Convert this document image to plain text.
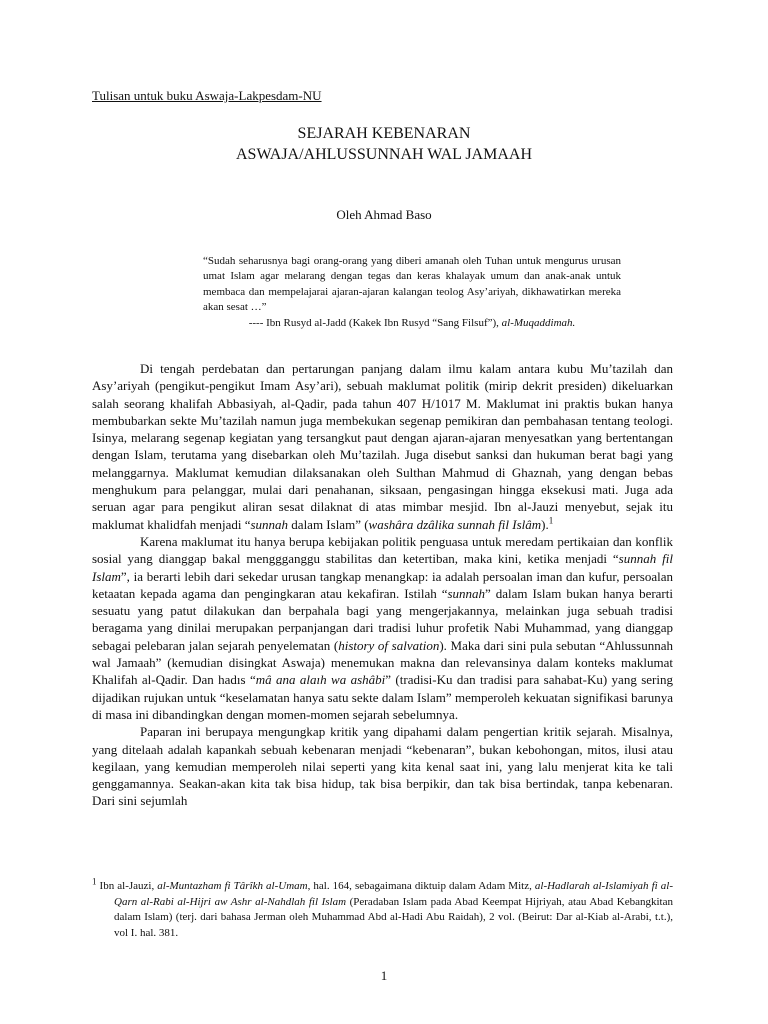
Tulisan untuk buku Aswaja-Lakpesdam-NU
SEJARAH KEBENARAN
ASWAJA/AHLUSSUNNAH WAL JAMAAH
Oleh Ahmad Baso
“Sudah seharusnya bagi orang-orang yang diberi amanah oleh Tuhan untuk mengurus urusan umat Islam agar melarang dengan tegas dan keras khalayak umum dan anak-anak untuk membaca dan mempelajarai ajaran-ajaran kalangan teolog Asy’ariyah, dikhawatirkan mereka akan sesat …”
---- Ibn Rusyd al-Jadd (Kakek Ibn Rusyd “Sang Filsuf”), al-Muqaddimah.

Di tengah perdebatan dan pertarungan panjang dalam ilmu kalam antara kubu Mu’tazilah dan Asy’ariyah (pengikut-pengikut Imam Asy’ari), sebuah maklumat politik (mirip dekrit presiden) dikeluarkan salah seorang khalifah Abbasiyah, al-Qadir, pada tahun 407 H/1017 M. Maklumat ini praktis bukan hanya membubarkan sekte Mu’tazilah namun juga membekukan segenap pemikiran dan pembahasan tentang teologi. Isinya, melarang segenap kegiatan yang tersangkut paut dengan ajaran-ajaran menyesatkan yang bertentangan dengan Islam, terutama yang disebarkan oleh Mu’tazilah. Juga disebut sanksi dan hukuman berat bagi yang melanggarnya. Maklumat kemudian dilaksanakan oleh Sulthan Mahmud di Ghaznah, yang dengan bebas menghukum para pelanggar, mulai dari penahanan, siksaan, pengasingan hingga eksekusi mati. Juga ada seruan agar para pengikut aliran sesat dilaknat di atas mimbar mesjid. Ibn al-Jauzi menyebut, sejak itu maklumat khalidfah menjadi “sunnah dalam Islam” (washâra dzâlika sunnah fil Islâm).$^1$

Karena maklumat itu hanya berupa kebijakan politik penguasa untuk meredam pertikaian dan konflik sosial yang dianggap bakal menggganggu stabilitas dan ketertiban, maka kini, ketika menjadi “sunnah fil Islam”, ia berarti lebih dari sekedar urusan tangkap menangkap: ia adalah persoalan iman dan kufur, persoalan ketaatan kepada agama dan pengingkaran atau kekafiran. Istilah “sunnah” dalam Islam bukan hanya berarti sesuatu yang patut dilakukan dan berpahala bagi yang mengerjakannya, melainkan juga sebuah tradisi beragama yang dinilai merupakan perpanjangan dari tradisi luhur profetik Nabi Muhammad, yang dianggap sebagai pelebaran jalan sejarah penyelematan (history of salvation). Maka dari sini pula sebutan “Ahlussunnah wal Jamaah” (kemudian disingkat Aswaja) menemukan makna dan relevansinya dalam konteks maklumat Khalifah al-Qadir. Dan hadıs “mâ ana alaıh wa ashâbi” (tradisi-Ku dan tradisi para sahabat-Ku) yang sering dijadikan rujukan untuk “keselamatan hanya satu sekte dalam Islam” memperoleh kekuatan signifikasi barunya di masa ini dibandingkan dengan momen-momen sejarah sebelumnya.

Paparan ini berupaya mengungkap kritik yang dipahami dalam pengertian kritik sejarah. Misalnya, yang ditelaah adalah kapankah sebuah kebenaran menjadi “kebenaran”, bukan kebohongan, mitos, ilusi atau kegilaan, yang kemudian memperoleh nilai seperti yang kita kenal saat ini, yang lalu menjerat kita ke tali genggamannya. Seakan-akan kita tak bisa hidup, tak bisa berpikir, dan tak bisa bertindak, tanpa kebenaran. Dari sini sejumlah

$^1$ Ibn al-Jauzi, al-Muntazham fi Târîkh al-Umam, hal. 164, sebagaimana diktuip dalam Adam Mitz, al-Hadlarah al-Islamiyah fi al-Qarn al-Rabi al-Hijri aw Ashr al-Nahdlah fil Islam (Peradaban Islam pada Abad Keempat Hijriyah, atau Abad Kebangkitan dalam Islam) (terj. dari bahasa Jerman oleh Muhammad Abd al-Hadi Abu Raidah), 2 vol. (Beirut: Dar al-Kiab al-Arabi, t.t.), vol I. hal. 381.

1
